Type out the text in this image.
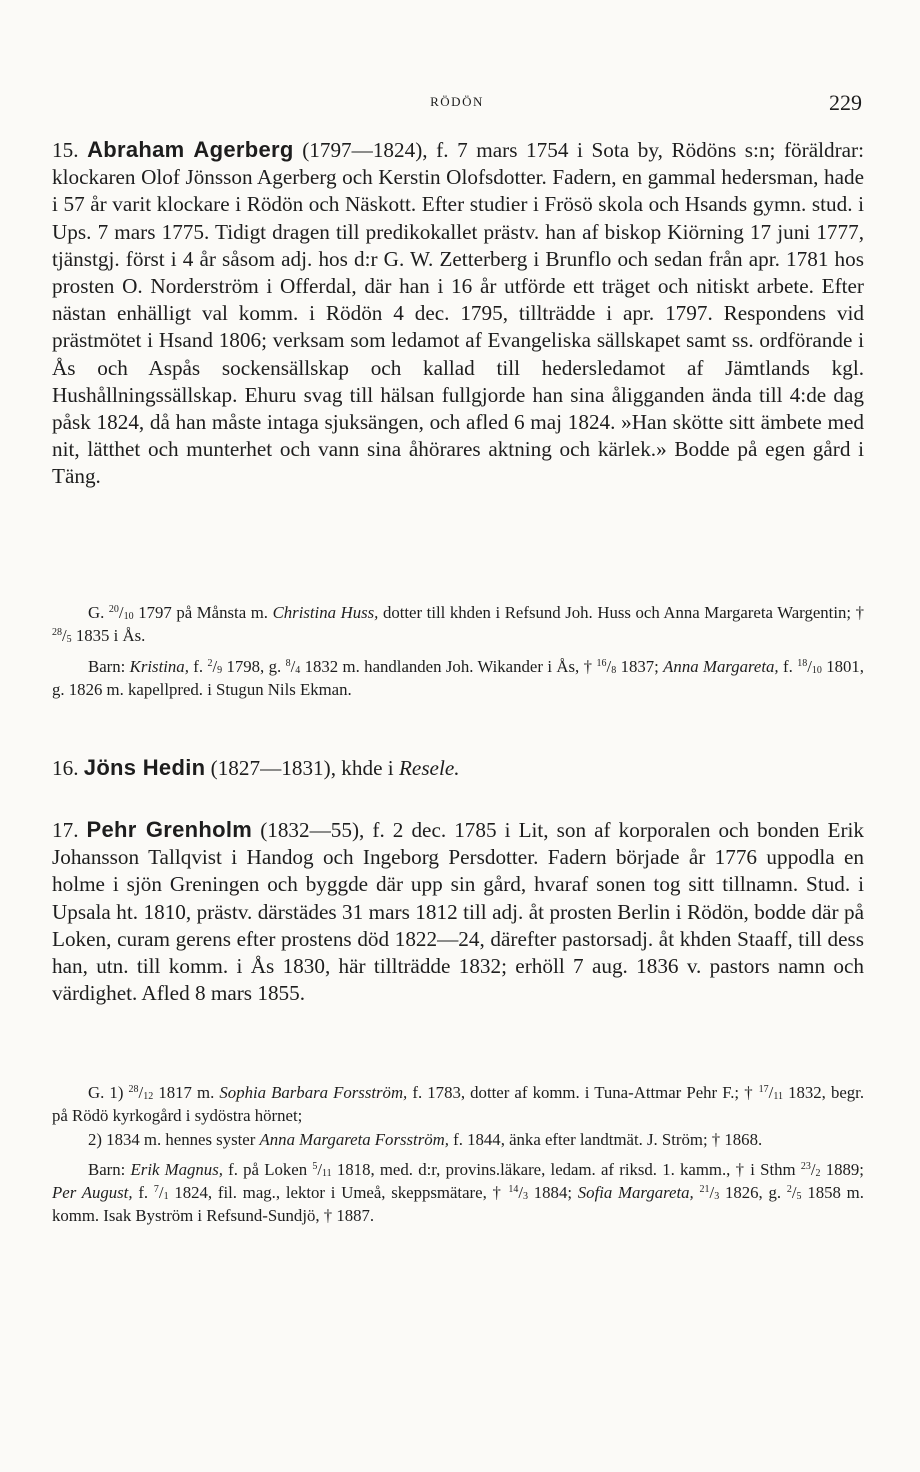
RÖDÖN	229
15. Abraham Agerberg (1797—1824), f. 7 mars 1754 i Sota by, Rödöns s:n; föräldrar: klockaren Olof Jönsson Agerberg och Kerstin Olofsdotter. Fadern, en gammal hedersman, hade i 57 år varit klockare i Rödön och Näskott. Efter studier i Frösö skola och Hsands gymn. stud. i Ups. 7 mars 1775. Tidigt dragen till predikokallet prästv. han af biskop Kiörning 17 juni 1777, tjänstgj. först i 4 år såsom adj. hos d:r G. W. Zetterberg i Brunflo och sedan från apr. 1781 hos prosten O. Norderström i Offerdal, där han i 16 år utförde ett träget och nitiskt arbete. Efter nästan enhälligt val komm. i Rödön 4 dec. 1795, tillträdde i apr. 1797. Respondens vid prästmötet i Hsand 1806; verksam som ledamot af Evangeliska sällskapet samt ss. ordförande i Ås och Aspås sockensällskap och kallad till hedersledamot af Jämtlands kgl. Hushållningssällskap. Ehuru svag till hälsan fullgjorde han sina åligganden ända till 4:de dag påsk 1824, då han måste intaga sjuksängen, och afled 6 maj 1824. »Han skötte sitt ämbete med nit, lätthet och munterhet och vann sina åhörares aktning och kärlek.» Bodde på egen gård i Täng.

G. $^{20}/_{10}$ 1797 på Månsta m. Christina Huss, dotter till khden i Refsund Joh. Huss och Anna Margareta Wargentin; † $^{28}/_5$ 1835 i Ås.

Barn: Kristina, f. $^2/_9$ 1798, g. $^8/_4$ 1832 m. handlanden Joh. Wikander i Ås, † $^{16}/_8$ 1837; Anna Margareta, f. $^{18}/_{10}$ 1801, g. 1826 m. kapellpred. i Stugun Nils Ekman.

16. Jöns Hedin (1827—1831), khde i Resele.
17. Pehr Grenholm (1832—55), f. 2 dec. 1785 i Lit, son af korporalen och bonden Erik Johansson Tallqvist i Handog och Ingeborg Persdotter. Fadern började år 1776 uppodla en holme i sjön Greningen och byggde där upp sin gård, hvaraf sonen tog sitt tillnamn. Stud. i Upsala ht. 1810, prästv. därstädes 31 mars 1812 till adj. åt prosten Berlin i Rödön, bodde där på Loken, curam gerens efter prostens död 1822—24, därefter pastorsadj. åt khden Staaff, till dess han, utn. till komm. i Ås 1830, här tillträdde 1832; erhöll 7 aug. 1836 v. pastors namn och värdighet. Afled 8 mars 1855.

G. 1) $^{28}/_{12}$ 1817 m. Sophia Barbara Forsström, f. 1783, dotter af komm. i Tuna-Attmar Pehr F.; † $^{17}/_{11}$ 1832, begr. på Rödö kyrkogård i sydöstra hörnet;

2) 1834 m. hennes syster Anna Margareta Forsström, f. 1844, änka efter landtmät. J. Ström; † 1868.

Barn: Erik Magnus, f. på Loken $^5/_{11}$ 1818, med. d:r, provins.läkare, ledam. af riksd. 1. kamm., † i Sthm $^{23}/_2$ 1889; Per August, f. $^7/_1$ 1824, fil. mag., lektor i Umeå, skeppsmätare, † $^{14}/_3$ 1884; Sofia Margareta, $^{21}/_3$ 1826, g. $^2/_5$ 1858 m. komm. Isak Byström i Refsund-Sundjö, † 1887.
